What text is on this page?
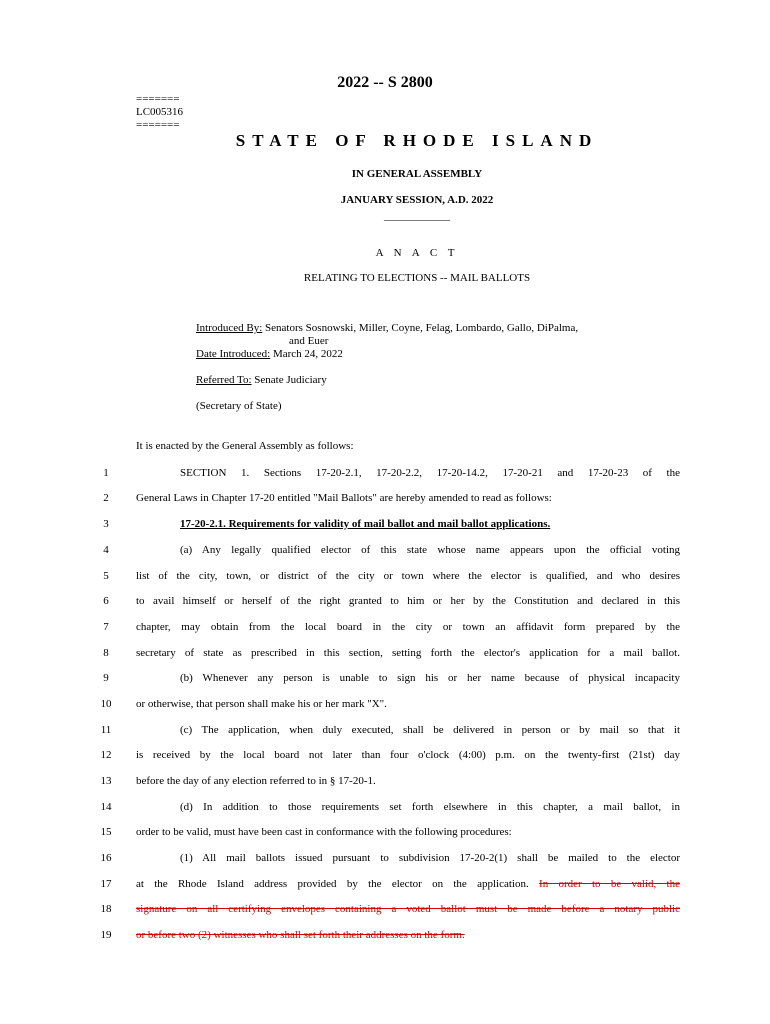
2022 -- S 2800
=======
LC005316
=======
STATE OF RHODE ISLAND
IN GENERAL ASSEMBLY
JANUARY SESSION, A.D. 2022
____________
A N A C T
RELATING TO ELECTIONS -- MAIL BALLOTS
Introduced By: Senators Sosnowski, Miller, Coyne, Felag, Lombardo, Gallo, DiPalma,
and Euer
Date Introduced: March 24, 2022
Referred To: Senate Judiciary
(Secretary of State)
It is enacted by the General Assembly as follows:
1	SECTION 1. Sections 17-20-2.1, 17-20-2.2, 17-20-14.2, 17-20-21 and 17-20-23 of the
2	General Laws in Chapter 17-20 entitled "Mail Ballots" are hereby amended to read as follows:
3	17-20-2.1. Requirements for validity of mail ballot and mail ballot applications.
4	(a) Any legally qualified elector of this state whose name appears upon the official voting
5	list of the city, town, or district of the city or town where the elector is qualified, and who desires
6	to avail himself or herself of the right granted to him or her by the Constitution and declared in this
7	chapter, may obtain from the local board in the city or town an affidavit form prepared by the
8	secretary of state as prescribed in this section, setting forth the elector's application for a mail ballot.
9	(b) Whenever any person is unable to sign his or her name because of physical incapacity
10	or otherwise, that person shall make his or her mark "X".
11	(c) The application, when duly executed, shall be delivered in person or by mail so that it
12	is received by the local board not later than four o'clock (4:00) p.m. on the twenty-first (21st) day
13	before the day of any election referred to in § 17-20-1.
14	(d) In addition to those requirements set forth elsewhere in this chapter, a mail ballot, in
15	order to be valid, must have been cast in conformance with the following procedures:
16	(1) All mail ballots issued pursuant to subdivision 17-20-2(1) shall be mailed to the elector
17	at the Rhode Island address provided by the elector on the application. In order to be valid, the
18	signature on all certifying envelopes containing a voted ballot must be made before a notary public
19	or before two (2) witnesses who shall set forth their addresses on the form.
